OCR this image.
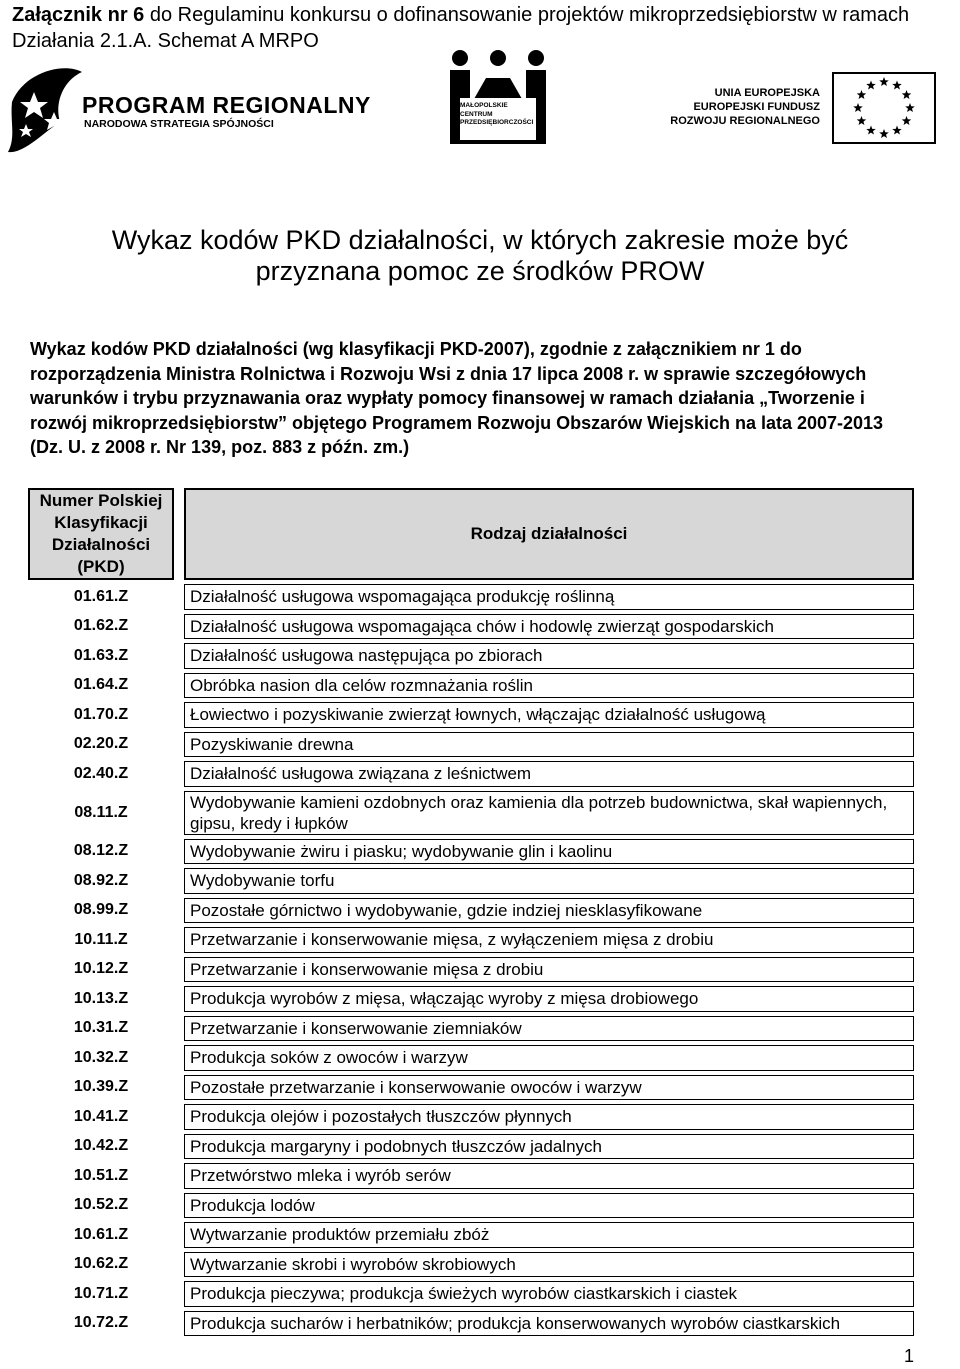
Załącznik nr 6 do Regulaminu konkursu o dofinansowanie projektów mikroprzedsiębiorstw w ramach
Działania 2.1.A. Schemat A MRPO
PROGRAM REGIONALNY
NARODOWA STRATEGIA SPÓJNOŚCI
MAŁOPOLSKIE
CENTRUM
PRZEDSIĘBIORCZOŚCI
UNIA EUROPEJSKA
EUROPEJSKI FUNDUSZ
ROZWOJU REGIONALNEGO
Wykaz kodów PKD działalności, w których zakresie może być
przyznana pomoc ze środków PROW
Wykaz kodów PKD działalności (wg klasyfikacji PKD-2007), zgodnie z załącznikiem nr 1 do rozporządzenia Ministra Rolnictwa i Rozwoju Wsi z dnia 17 lipca 2008 r. w sprawie szczegółowych warunków i trybu przyznawania oraz wypłaty pomocy finansowej w ramach działania „Tworzenie i rozwój mikroprzedsiębiorstw” objętego Programem Rozwoju Obszarów Wiejskich na lata 2007-2013 (Dz. U. z 2008 r. Nr 139, poz. 883 z późn. zm.)
Numer Polskiej Klasyfikacji Działalności (PKD)		Rodzaj działalności
01.61.Z		Działalność usługowa wspomagająca produkcję roślinną
01.62.Z		Działalność usługowa wspomagająca chów i hodowlę zwierząt gospodarskich
01.63.Z		Działalność usługowa następująca po zbiorach
01.64.Z		Obróbka nasion dla celów rozmnażania roślin
01.70.Z		Łowiectwo i pozyskiwanie zwierząt łownych, włączając działalność usługową
02.20.Z		Pozyskiwanie drewna
02.40.Z		Działalność usługowa związana z leśnictwem
08.11.Z		Wydobywanie kamieni ozdobnych oraz kamienia dla potrzeb budownictwa, skał wapiennych, gipsu, kredy i łupków
08.12.Z		Wydobywanie żwiru i piasku; wydobywanie glin i kaolinu
08.92.Z		Wydobywanie torfu
08.99.Z		Pozostałe górnictwo i wydobywanie, gdzie indziej niesklasyfikowane
10.11.Z		Przetwarzanie i konserwowanie mięsa, z wyłączeniem mięsa z drobiu
10.12.Z		Przetwarzanie i konserwowanie mięsa z drobiu
10.13.Z		Produkcja wyrobów z mięsa, włączając wyroby z mięsa drobiowego
10.31.Z		Przetwarzanie i konserwowanie ziemniaków
10.32.Z		Produkcja soków z owoców i warzyw
10.39.Z		Pozostałe przetwarzanie i konserwowanie owoców i warzyw
10.41.Z		Produkcja olejów i pozostałych tłuszczów płynnych
10.42.Z		Produkcja margaryny i podobnych tłuszczów jadalnych
10.51.Z		Przetwórstwo mleka i wyrób serów
10.52.Z		Produkcja lodów
10.61.Z		Wytwarzanie produktów przemiału zbóż
10.62.Z		Wytwarzanie skrobi i wyrobów skrobiowych
10.71.Z		Produkcja pieczywa; produkcja świeżych wyrobów ciastkarskich i ciastek
10.72.Z		Produkcja sucharów i herbatników; produkcja konserwowanych wyrobów ciastkarskich
1
